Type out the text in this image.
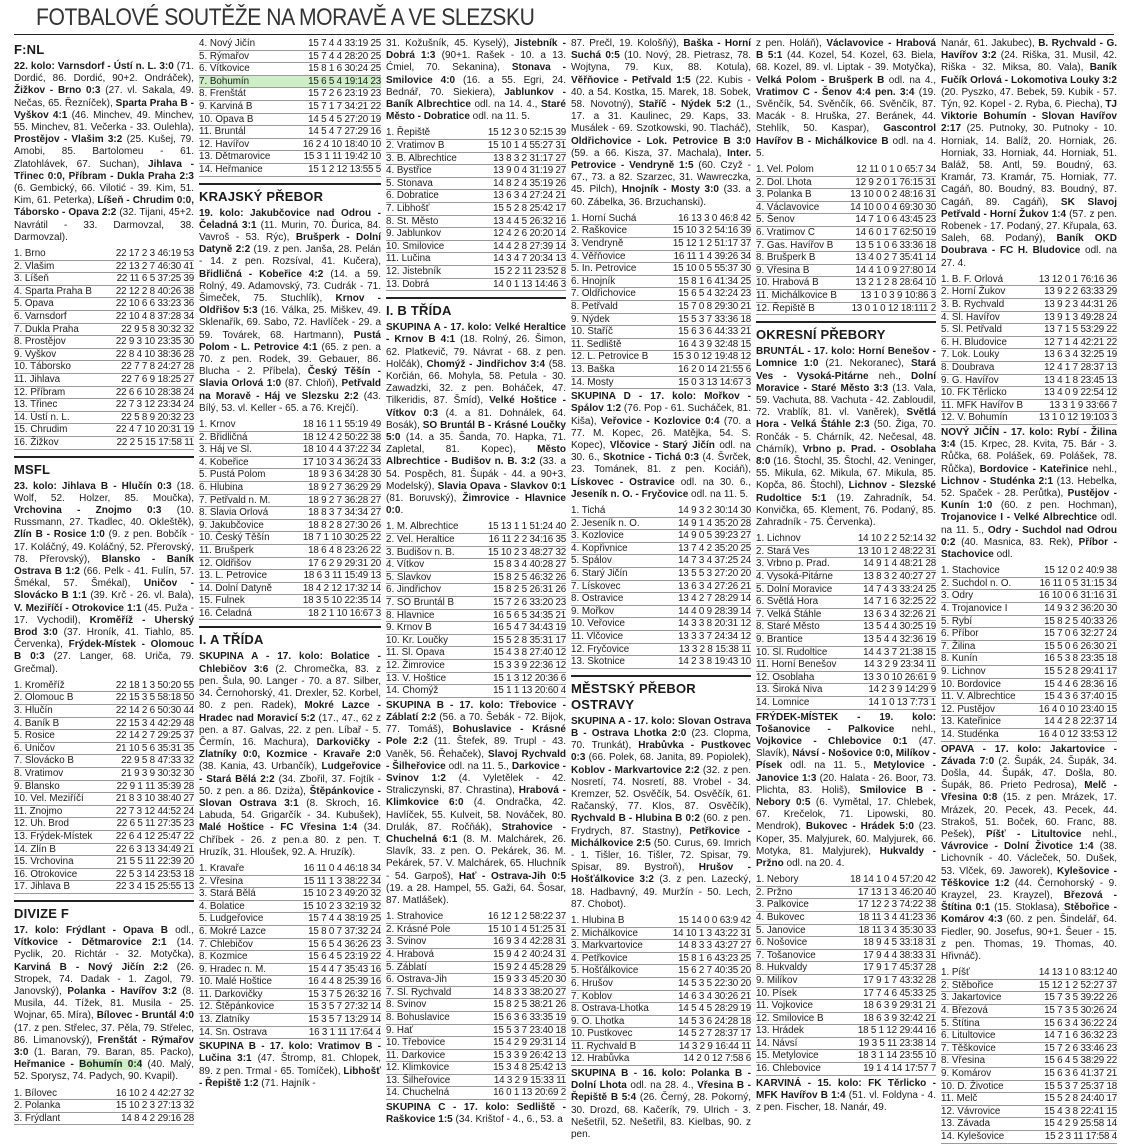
FOTBALOVÉ SOUTĚŽE NA MORAVĚ A VE SLEZSKU
F:NL
22. kolo: Varnsdorf - Ústí n. L. 3:0 (71. Dordić, 86. Dordić, 90+2. Ondráček), Žižkov - Brno 0:3 (27. vl. Sakala, 49. Nečas, 65. Řezníček), Sparta Praha B - Vyškov 4:1 (46. Minchev, 49. Minchev, 55. Minchev, 81. Večerka - 33. Oulehla), Prostějov - Vlašim 3:2 (25. Kušej, 79. Amobi, 85. Bartolomeu - 61. Zlatohlávek, 67. Suchan), Jihlava - Třinec 0:0, Příbram - Dukla Praha 2:3 (6. Gembický, 66. Vilotić - 39. Kim, 51. Kim, 61. Peterka), Líšeň - Chrudim 0:0, Táborsko - Opava 2:2 (32. Tijani, 45+2. Navrátil - 33. Darmovzal, 38. Darmovzal).
1. Brno	22 17 2 3 46:19 53
2. Vlašim	22 13 2 7 46:30 41
3. Líšeň	22 11 6 5 37:25 39
4. Sparta Praha B	22 12 2 8 40:26 38
5. Opava	22 10 6 6 33:23 36
6. Varnsdorf	22 10 4 8 37:28 34
7. Dukla Praha	22 9 5 8 30:32 32
8. Prostějov	22 9 3 10 23:35 30
9. Vyškov	22 8 4 10 38:36 28
10. Táborsko	22 7 7 8 24:27 28
11. Jihlava	22 7 6 9 18:25 27
12. Příbram	22 6 6 10 28:38 24
13. Třinec	22 7 3 12 23:34 24
14. Ústí n. L.	22 5 8 9 20:32 23
15. Chrudim	22 4 7 10 20:31 19
16. Žižkov	22 2 5 15 17:58 11
MSFL
23. kolo: Jihlava B - Hlučín 0:3 (18. Wolf, 52. Holzer, 85. Moučka), Vrchovina - Znojmo 0:3 (10. Russmann, 27. Tkadlec, 40. Okleštěk), Zlín B - Rosice 1:0 (9. z pen. Bobčík - 17. Koláčný, 49. Koláčný, 52. Přerovský, 78. Přerovský), Blansko - Baník Ostrava B 1:2 (66. Pelk - 41. Fulín, 57. Šmékal, 57. Šmékal), Uničov - Slovácko B 1:1 (39. Krč - 26. vl. Bala), V. Meziříčí - Otrokovice 1:1 (45. Puža - 17. Vychodil), Kroměříž - Uherský Brod 3:0 (37. Hroník, 41. Tiahlo, 85. Červenka), Frýdek-Místek - Olomouc B 0:3 (27. Langer, 68. Urіča, 79. Grečmal).
1. Kroměříž	22 18 1 3 50:20 55
2. Olomouc B	22 15 3 5 58:18 50
3. Hlučín	22 14 2 6 50:30 44
4. Baník B	22 15 3 4 42:29 48
5. Rosice	22 14 2 7 29:25 37
6. Uničov	21 10 5 6 35:31 35
7. Slovácko B	22 9 5 8 47:33 32
8. Vratimov	21 9 3 9 30:32 30
9. Blansko	22 9 1 11 35:39 28
10. Vel. Meziříčí	21 8 3 10 38:40 27
11. Znojmo	22 7 3 12 44:52 24
12. Uh. Brod	22 6 5 11 27:35 23
13. Frýdek-Místek	22 6 4 12 25:47 22
14. Zlín B	22 6 3 13 34:49 21
15. Vrchovina	21 5 5 11 22:39 20
16. Otrokovice	22 5 3 14 23:53 18
17. Jihlava B	22 3 4 15 25:55 13
DIVIZE F
17. kolo: Frýdlant - Opava B odl., Vítkovice - Dětmarovice 2:1 (14. Pyclik, 20. Richtár - 32. Motyčka), Karviná B - Nový Jičín 2:2 (26. Stropek, 74. Dadak - 1. Zagol, 79. Janovský), Polanka - Havířov 3:2 (8. Musila, 44. Tížek, 81. Musila - 25. Wojnar, 65. Míra), Bílovec - Bruntál 4:0 (17. z pen. Střelec, 37. Pěla, 79. Střelec, 86. Limanovský), Frenštát - Rýmařov 3:0 (1. Baran, 79. Baran, 85. Packo), Heřmanice - Bohumín 0:4 (40. Malý, 52. Sporysz, 74. Padych, 90. Kvapil).
1. Bílovec	16 10 2 4 42:27 32
2. Polanka	15 10 2 3 27:13 32
3. Frýdlant	14 8 4 2 29:16 28
4. Nový Jičín	15 7 4 4 33:19 25
5. Rýmařov	15 7 4 4 28:20 25
6. Vítkovice	15 8 1 6 30:24 25
7. Bohumín	15 6 5 4 19:14 23
8. Frenštát	15 7 2 6 23:19 23
9. Karviná B	15 7 1 7 34:21 22
10. Opava B	14 5 4 5 27:20 19
11. Bruntál	14 5 4 7 27:29 16
12. Havířov	16 2 4 10 18:40 10
13. Dětmarovice	15 3 1 11 19:42 10
14. Heřmanice	15 1 2 12 13:55 5
KRAJSKÝ PŘEBOR
19. kolo: Jakubčovice nad Odrou - Čeladná 3:1 (11. Murin, 70. Ďurica, 84. Vavroš - 53. Rýc), Brušperk - Dolní Datyně 2:2 (19. z pen. Janša, 28. Pelán - 14. z pen. Rozsíval, 41. Kučera), Břidličná - Kobeřice 4:2 (14. a 59. Rolný, 49. Adamovský, 73. Cudrák - 71. Šimeček, 75. Stuchlík), Krnov - Oldřišov 5:3 (16. Válka, 25. Miškev, 49. Sklenařík, 69. Sabo, 72. Havlíček - 29. a 59. Továrek, 68. Hartmann), Pustá Polom - L. Petrovice 4:1 (65. z pen. a 70. z pen. Rodek, 39. Gebauer, 86. Blucha - 2. Příbela), Český Těšín - Slavia Orlová 1:0 (87. Chloň), Petřvald na Moravě - Háj ve Slezsku 2:2 (43. Bílý, 53. vl. Keller - 65. a 76. Krejčí).
1. Krnov	18 16 1 1 55:19 49
2. Břidličná	18 12 4 2 50:22 38
3. Háj ve Sl.	18 10 4 4 37:22 34
4. Kobeřice	17 10 3 4 36:24 33
5. Pustá Polom	18 9 3 6 34:28 30
6. Hlubina	18 9 2 7 36:29 29
7. Petřvald n. M.	18 9 2 7 36:28 27
8. Slavia Orlová	18 8 3 7 34:34 27
9. Jakubčovice	18 8 2 8 27:30 26
10. Český Těšín	18 7 1 10 30:25 22
11. Brušperk	18 6 4 8 23:26 22
12. Oldřišov	17 6 2 9 29:31 20
13. L. Petrovice	18 6 3 11 15:49 13
14. Dolní Datyně	18 4 2 12 17:32 14
15. Fulnek	18 3 5 10 22:35 14
16. Čeladná	18 2 1 10 16:67 3
I. A TŘÍDA
SKUPINA A - 17. kolo: Bolatice - Chlebičov 3:6 (2. Chromečka, 83. z pen. Šula, 90. Langer - 70. a 87. Silber, 34. Černohorský, 41. Drexler, 52. Korbel, 80. z pen. Radek), Mokré Lazce - Hradec nad Moravicí 5:2 (17., 47., 62 z pen. a 87. Galvas, 22. z pen. Líbař - 5. Čermín, 16. Machura), Darkovičky - Zlatníky 0:0, Kozmice - Kravaře 2:0 (38. Kania, 43. Urbančík), Ludgeřovice - Stará Bělá 2:2 (34. Zbořil, 37. Fojtík - 50. z pen. a 86. Dziża), Štěpánkovice - Slovan Ostrava 3:1 (8. Skroch, 16. Labuda, 54. Grigarčík - 34. Kubušek), Malé Hoštice - FC Vřesina 1:4 (34. Chříbek - 26. z pen.a 80. z pen. T. Hruzík, 31. Hloušek, 92. A. Hruzík).
1. Kravaře	16 11 0 4 46:18 34
2. Vřesina	15 11 1 3 38:22 34
3. Stará Bělá	15 10 2 3 49:20 32
4. Bolatice	15 10 2 3 32:19 32
5. Ludgeřovice	15 7 4 4 38:19 25
6. Mokré Lazce	15 8 0 7 37:32 24
7. Chlebičov	15 6 5 4 36:26 23
8. Kozmice	15 6 4 5 23:19 22
9. Hradec n. M.	15 4 4 7 35:43 16
10. Malé Hoštice	16 4 4 8 25:39 16
11. Darkovičky	15 3 7 5 26:32 16
12. Štěpánkovice	15 3 5 7 27:32 14
13. Zlatníky	15 3 5 7 13:29 14
14. Sn. Ostrava	16 3 1 11 17:64 4
SKUPINA B - 17. kolo: Vratimov B - Lučina 3:1 (47. Štromp, 81. Chlopek, 89. z pen. Trmal - 65. Tomíček), Libhošť - Řepiště 1:2 (71. Hajník -
31. Kožušník, 45. Kyselý), Jistebník - Dobrá 1:3 (90+1. Rašek - 10. a 13. Ćmiel, 70. Sekanina), Stonava - Smilovice 4:0 (16. a 55. Egri, 24. Bednář, 70. Siekiera), Jablunkov - Baník Albrechtice odl. na 14. 4., Staré Město - Dobratice odl. na 11. 5.
1. Řepiště	15 12 3 0 52:15 39
2. Vratimov B	15 10 1 4 55:27 31
3. B. Albrechtice	13 8 3 2 31:17 27
4. Bystřice	13 9 0 4 31:19 27
5. Stonava	14 8 2 4 35:19 26
6. Dobratice	13 6 3 4 27:24 21
7. Libhošť	15 5 2 8 25:42 17
8. St. Město	13 4 4 5 26:32 16
9. Jablunkov	12 4 2 6 20:20 14
10. Smilovice	14 4 2 8 27:39 14
11. Lučina	14 3 4 7 20:34 13
12. Jistebník	15 2 2 11 23:52 8
13. Dobrá	14 0 1 13 14:46 3
I. B TŘÍDA
SKUPINA A - 17. kolo: Velké Heraltice - Krnov B 4:1 (18. Rolný, 26. Šimon, 62. Platkevič, 79. Návrat - 68. z pen. Holčák), Chomýž - Jindřichov 3:4 (58. Korčián, 66. Mohyla, 58. Petula - 30. Zawadzki, 32. z pen. Boháček, 47. Tilkeridis, 87. Šmíd), Velké Hoštice - Vítkov 0:3 (4. a 81. Dohnálek, 64. Bosák), SO Bruntál B - Krásné Loučky 5:0 (14. a 35. Šanda, 70. Hapka, 71. Zapletal, 81. Kopec), Město Albrechtice - Budišov n. B. 3:2 (33. a 54. Pospěch, 81. Šupák - 44. a 90+3. Modelský), Slavia Opava - Slavkov 0:1 (81. Boruvský), Žimrovice - Hlavnice 0:0.
1. M. Albrechtice	15 13 1 1 51:24 40
2. Vel. Heraltice	16 11 2 2 34:16 35
3. Budišov n. B.	15 10 2 3 48:27 32
4. Vítkov	15 8 3 4 40:28 27
5. Slavkov	15 8 2 5 46:32 26
6. Jindřichov	15 8 2 5 26:31 26
7. SO Bruntál B	15 7 2 6 33:20 23
8. Hlavnice	16 5 6 5 34:35 21
9. Krnov B	16 5 4 7 34:43 19
10. Kr. Loučky	15 5 2 8 35:31 17
11. Sl. Opava	15 4 3 8 27:40 12
12. Žimrovice	15 3 3 9 22:36 12
13. V. Hoštice	15 1 3 12 20:36 6
14. Chomýž	15 1 1 13 20:60 4
SKUPINA B - 17. kolo: Třebovice - Záblatí 2:2 (56. a 70. Šebák - 72. Bijok, 77. Tomáš), Bohuslavice - Krásné Pole 2:2 (11. Štefek, 89. Trupl - 43. Vaněk, 56. Řehaček), Slavoj Rychvald - Šilheřovice odl. na 11. 5., Darkovice - Svinov 1:2 (4. Vyletělek - 42. Straliczynski, 87. Chrastina), Hrabová - Klimkovice 6:0 (4. Ondračka, 42. Havlíček, 55. Kulveit, 58. Nováček, 80. Drulák, 87. Ročňák), Strahovice - Chuchelná 6:1 (8. M. Malchárek, 26. Slavík, 33. z pen. O. Pekárek, 36. M. Pekárek, 57. V. Malchárek, 65. Hluchník - 54. Garpoš), Hať - Ostrava-Jih 0:5 (19. a 28. Hampel, 55. Gaži, 64. Šosar, 87. Matlášek).
1. Strahovice	16 12 1 2 58:22 37
2. Krásné Pole	15 10 1 4 51:25 31
3. Svinov	16 9 3 4 42:28 31
4. Hrabová	15 9 4 2 40:24 31
5. Záblatí	15 9 2 4 45:28 29
6. Ostrava-Jih	15 9 3 3 45:20 30
7. Sl. Rychvald	14 8 3 3 38:20 27
8. Svinov	15 8 2 5 38:21 26
8. Bohuslavice	15 6 3 6 33:35 19
9. Hať	15 5 3 7 23:40 18
10. Třebovice	15 4 2 9 29:31 14
11. Darkovice	15 3 3 9 26:42 13
12. Klimkovice	15 3 4 8 25:42 13
13. Šilheřovice	14 3 2 9 15:33 11
14. Chuchelná	16 0 1 13 20:69 2
SKUPINA C - 17. kolo: Sedliště - Raškovice 1:5 (34. Krištof - 4., 6., 53. a
87. Prečl, 19. Kološňý), Baška - Horní Suchá 0:5 (10. Nový, 28. Pietrasz, 78. Wojtyna, 79. Kux, 88. Kotula), Věřňovice - Petřvald 1:5 (22. Kubis - 40. a 54. Kostka, 15. Marek, 18. Sobek, 58. Novotný), Staříč - Nýdek 5:2 (1., 17. a 31. Kaulinec, 29. Kaps, 33. Musálek - 69. Szotkowski, 90. Tlacháč), Oldřichovice - Lok. Petrovice B 3:0 (59. a 66. Kisza, 37. Machala), Inter. Petrovice - Vendryně 1:5 (60. Czyž - 67., 73. a 82. Szarzec, 31. Wawreczka, 45. Pilch), Hnojník - Mosty 3:0 (33. a 60. Zábelka, 36. Brzuchanski).
1. Horní Suchá	16 13 3 0 46:8 42
2. Raškovice	15 10 3 2 54:16 39
3. Vendryně	15 12 1 2 51:17 37
4. Věřňovice	16 11 1 4 39:26 34
5. In. Petrovice	15 10 0 5 55:37 30
6. Hnojník	15 8 1 6 41:34 25
7. Oldřichovice	15 6 5 4 32:24 23
8. Petřvald	15 7 0 8 29:30 21
9. Nýdek	15 5 3 7 33:36 18
10. Staříč	15 6 3 6 44:33 21
11. Sedliště	16 4 3 9 32:48 15
12. L. Petrovice B	15 3 0 12 19:48 12
13. Baška	16 2 0 14 21:55 6
14. Mosty	15 0 3 13 14:67 3
SKUPINA D - 17. kolo: Mořkov - Spálov 1:2 (76. Pop - 61. Sucháček, 81. Kiša), Veřovice - Kozlovice 0:4 (70. a 77. M. Kopec, 26. Matějka, 54. S. Kopec), Vlčovice - Starý Jičín odl. na 30. 6., Skotnice - Tichá 0:3 (4. Švrček, 23. Tománek, 81. z pen. Kociáň), Lískovec - Ostravice odl. na 30. 6., Jeseník n. O. - Fryčovice odl. na 11. 5.
1. Tichá	14 9 3 2 30:14 30
2. Jeseník n. O.	14 9 1 4 35:20 28
3. Kozlovice	14 9 0 5 39:23 27
4. Kopřivnice	13 7 4 2 35:20 25
5. Spálov	14 7 3 4 37:25 24
6. Starý Jičín	13 5 5 3 27:20 20
7. Lískovec	13 6 3 4 27:26 21
8. Ostravice	13 4 2 7 28:29 14
9. Mořkov	14 4 0 9 28:39 14
10. Veřovice	14 3 3 8 20:31 12
11. Vlčovice	13 3 3 7 24:34 12
12. Fryčovice	13 3 2 8 15:38 11
13. Skotnice	14 2 3 8 19:43 10
MĚSTSKÝ PŘEBOR OSTRAVY
SKUPINA A - 17. kolo: Slovan Ostrava B - Ostrava Lhotka 2:0 (23. Clopma, 70. Trunkát), Hrabůvka - Pustkovec 0:3 (66. Polek, 68. Janita, 89. Popiolek), Koblov - Markvartovice 2:2 (32. z pen. Nosretí, 74. Nosretí, 88. Vrobel - 34. Kremzer, 52. Osvěčík, 54. Osvěčík, 61. Račanský, 77. Klos, 87. Osvěčík), Rychvald B - Hlubina B 0:2 (60. z pen. Frydrych, 87. Stastny), Petřkovice - Michálkovice 2:5 (50. Curus, 69. Imrich - 1. Tišler, 16. Tišler, 72. Spisar, 79. Spisar, 89. Bystroň), Hrušov - Hošťálkovice 3:2 (3. z pen. Lazecký, 18. Hadbavný, 49. Muržín - 50. Lech, 87. Chobot).
1. Hlubina B	15 14 0 0 63:9 42
2. Michálkovice	14 10 1 3 43:22 31
3. Markvartovice	14 8 3 3 43:27 27
4. Petřkovice	15 8 1 6 43:23 25
5. Hošťálkovice	15 6 2 7 40:35 20
6. Hrušov	14 5 3 5 22:30 20
7. Koblov	14 6 3 4 30:26 21
8. Ostrava-Lhotka	14 5 4 5 28:29 19
9. O. Lhotka	14 5 3 6 24:28 18
10. Pustkovec	14 5 2 7 28:37 17
11. Rychvald B	14 3 2 9 16:44 11
12. Hrabůvka	14 2 0 12 7:58 6
SKUPINA B - 16. kolo: Polanka B - Dolní Lhota odl. na 28. 4., Vřesina B - Řepiště B 5:4 (26. Černý, 28. Pokorný, 30. Drozd, 68. Kačerík, 79. Ulrich - 3. Nešetřil, 52. Nešetřil, 83. Kielbas, 90. z pen.
z pen. Holáň), Václavovice - Hrabová B 5:1 (44. Kozel, 54. Kozel, 63. Biela, 68. Kozel, 89. vl. Liptak - 39. Motyčka), Velká Polom - Brušperk B odl. na 4., Vratimov C - Šenov 4:4 pen. 3:4 (19. Svěnčík, 54. Svěnčík, 66. Svěnčík, 87. Macák - 8. Hruška, 27. Beránek, 44. Stehlík, 50. Kaspar), Gascontrol Havířov B - Michálkovice B odl. na 4. 5.
1. Vel. Polom	12 11 0 1 0 65:7 34
2. Dol. Lhota	12 9 2 0 1 76:15 31
3. Polanka B	13 10 0 0 2 48:16 31
4. Václavovice	14 10 0 0 4 69:30 30
5. Šenov	14 7 1 0 6 43:45 23
6. Vratimov C	14 6 0 1 7 62:50 19
7. Gas. Havířov B	13 5 1 0 6 33:36 18
8. Brušperk B	13 4 0 2 7 35:41 14
9. Vřesina B	14 4 1 0 9 27:80 14
10. Hrabová B	13 2 1 2 8 28:64 10
11. Michálkovice B	13 1 0 3 9 10:86 3
12. Řepiště B	13 0 1 0 12 18:111 2
OKRESNÍ PŘEBORY
BRUNTÁL - 17. kolo: Horní Benešov - Lomnice 1:0 (21. Nekoranec), Stará Ves - Vysoká-Pitárne neh., Dolní Moravice - Staré Město 3:3 (13. Vala, 59. Vachuta, 88. Vachuta - 42. Zabloudil, 72. Vrablík, 81. vl. Vaněrek), Světlá Hora - Velká Štáhle 2:3 (50. Žiga, 70. Rončák - 5. Chárník, 42. Nečesal, 48. Chárník), Vrbno p. Prad. - Osoblaha 8:0 (16. Štochl, 35. Štochl, 42. Veninger, 55. Mikula, 62. Mikula, 67. Mikula, 85. Kopča, 86. Štochl), Lichnov - Slezské Rudoltice 5:1 (19. Zahradník, 54. Konvička, 65. Klement, 76. Podaný, 85. Zahradník - 75. Červenka).
1. Lichnov	14 10 2 2 52:14 32
2. Stará Ves	13 10 1 2 48:22 31
3. Vrbno p. Prad.	14 9 1 4 48:21 28
4. Vysoká-Pitárne	13 8 3 2 40:27 27
5. Dolní Moravice	14 7 4 3 33:24 25
6. Světlá Hora	14 7 1 6 32:25 22
7. Velká Štáhle	13 6 3 4 32:26 21
8. Staré Město	13 5 4 4 30:25 19
9. Brantice	13 5 4 4 32:36 19
10. Sl. Rudoltice	14 4 3 7 21:38 15
11. Horní Benešov	14 3 2 9 23:34 11
12. Osoblaha	13 3 0 10 26:61 9
13. Široká Niva	14 2 3 9 14:29 9
14. Lomnice	14 1 0 13 7:73 1
FRÝDEK-MÍSTEK - 19. kolo: Tošanovice - Palkovice nehl., Vojkovice - Chlebovice 0:1 (47. Slavík), Návsí - Nošovice 0:0, Milíkov - Písek odl. na 11. 5., Metylovice - Janovice 1:3 (20. Halata - 26. Boor, 73. Plichta, 83. Holiš), Smilovice B - Nebory 0:5 (6. Vymětal, 17. Chlebek, 67. Krečelok, 71. Lipowski, 80. Mendrok), Bukovec - Hrádek 5:0 (23. Koper, 35. Malyjurek, 60. Malyjurek, 66. Motyka, 81. Malyjurek), Hukvaldy - Pržno odl. na 20. 4.
1. Nebory	18 14 1 0 4 57:20 42
2. Pržno	17 13 1 3 46:20 40
3. Palkovice	17 12 2 3 74:22 38
4. Bukovec	18 11 3 4 41:23 36
5. Janovice	18 11 3 4 35:30 33
6. Nošovice	18 9 4 5 33:18 31
7. Tošanovice	17 9 4 4 38:33 31
8. Hukvaldy	17 9 1 7 45:37 28
9. Milíkov	17 9 1 7 43:32 28
10. Písek	17 7 4 6 45:33 25
11. Vojkovice	18 6 3 9 29:31 21
12. Smilovice B	18 6 3 9 32:42 21
13. Hrádek	18 5 1 12 29:44 16
14. Návsí	19 3 5 11 23:38 14
15. Metylovice	18 3 1 14 23:55 10
16. Chlebovice	19 1 4 14 17:57 7
KARVINÁ - 15. kolo: FK Těrlicko - MFK Havířov B 1:4 (51. vl. Foldyna - 4. z pen. Fischer, 18. Nanár, 49.
Nanár, 61. Jakubec), B. Rychvald - G. Havířov 3:2 (24. Riška, 31. Musil, 42. Riška - 32. Miksa, 80. Vala), Baník Fučík Orlová - Lokomotiva Louky 3:2 (20. Pyszko, 47. Bebek, 59. Kubik - 57. Týn, 92. Kopel - 2. Ryba, 6. Piecha), TJ Viktorie Bohumín - Slovan Havířov 2:17 (25. Putnoky, 30. Putnoky - 10. Horniak, 14. Balíž, 20. Horniak, 26. Horniak, 33. Horniak, 44. Horniak, 51. Baláž, 58. Antl, 59. Boudný, 63. Kramár, 73. Kramár, 75. Horniak, 77. Cagáň, 80. Boudný, 83. Boudný, 87. Cagáň, 89. Cagáň), SK Slavoj Petřvald - Horní Žukov 1:4 (57. z pen. Robenek - 17. Podaný, 27. Křupala, 63. Saleh, 68. Podaný), Baník OKD Doubrava - FC H. Bludovice odl. na 27. 4.
1. B. F. Orlová	13 12 0 1 76:16 36
2. Horní Žukov	13 9 2 2 63:33 29
3. B. Rychvald	13 9 2 3 44:31 26
4. Sl. Havířov	13 9 1 3 49:28 24
5. Sl. Petřvald	13 7 1 5 53:29 22
6. H. Bludovice	12 7 1 4 42:21 22
7. Lok. Louky	13 6 3 4 32:25 19
8. Doubrava	12 4 1 7 28:37 13
9. G. Havířov	13 4 1 8 23:45 13
10. FK Těrlicko	13 4 0 9 22:54 12
11. MFK Havířov B	13 3 1 9 33:66 7
12. V. Bohumín	13 1 0 12 19:103 3
NOVÝ JIČÍN - 17. kolo: Rybí - Žilina 3:4 (15. Krpec, 28. Kvita, 75. Bár - 3. Růčka, 68. Polášek, 69. Polášek, 78. Růčka), Bordovice - Kateřinice nehl., Lichnov - Studénka 2:1 (13. Hebelka, 52. Spaček - 28. Perůtka), Pustějov - Kunín 1:0 (60. z pen. Hochman), Trojanovice I - Velké Albrechtice odl. na 11. 5., Odry - Suchdol nad Odrou 0:2 (40. Masnica, 83. Rek), Příbor - Stachovice odl.
1. Stachovice	15 12 0 2 40:9 38
2. Suchdol n. O.	16 11 0 5 31:15 34
3. Odry	16 10 0 6 31:16 31
4. Trojanovice I	14 9 3 2 36:20 30
5. Rybí	15 8 2 5 40:33 26
6. Příbor	15 7 0 6 32:27 24
7. Žilina	15 5 0 6 26:30 21
8. Kunín	16 5 3 8 23:35 18
9. Lichnov	15 5 2 8 29:41 17
10. Bordovice	15 4 4 6 28:36 16
11. V. Albrechtice	15 4 3 6 37:40 15
12. Pustějov	16 4 0 10 23:40 15
13. Kateřinice	14 4 2 8 22:37 14
14. Studénka	16 4 0 12 33:53 12
OPAVA - 17. kolo: Jakartovice - Závada 7:0 (2. Šupák, 24. Šupák, 34. Došla, 44. Šupák, 47. Došla, 80. Šupák, 86. Prieto Pedrosa), Melč - Vřesina 0:8 (15. z pen. Mrázek, 17. Mrázek, 20. Pecek, 43. Pecek, 44. Strakoš, 51. Boček, 60. Franc, 88. Pešek), Píšť - Litultovice nehl., Vávrovice - Dolní Životice 1:4 (38. Lichovník - 40. Václeček, 50. Dušek, 53. Vlček, 69. Jaworek), Kylešovice - Těškovice 1:2 (44. Černohorský - 9. Krayzel, 23. Krayzel), Březová - Štítina 0:1 (15. Stoklasa), Stěbořice - Komárov 4:3 (60. z pen. Šindelář, 64. Fiedler, 90. Josefus, 90+1. Šeuer - 15. z pen. Thomas, 19. Thomas, 40. Hřivnáč).
1. Píšť	14 13 1 0 83:12 40
2. Stěbořice	15 12 1 2 52:27 37
3. Jakartovice	15 7 3 5 39:22 26
4. Březová	15 7 3 5 30:26 24
5. Štítina	15 6 3 4 36:22 24
6. Litultovice	14 7 1 6 36:32 23
7. Těškovice	15 7 2 6 33:46 23
8. Vřesina	15 6 4 5 38:29 22
9. Komárov	15 6 3 6 41:37 21
10. D. Životice	15 5 3 7 25:37 18
11. Melč	15 5 2 8 24:40 17
12. Vávrovice	15 4 3 8 22:41 15
13. Závada	15 4 2 9 25:58 14
14. Kylešovice	15 2 3 11 17:58 4
